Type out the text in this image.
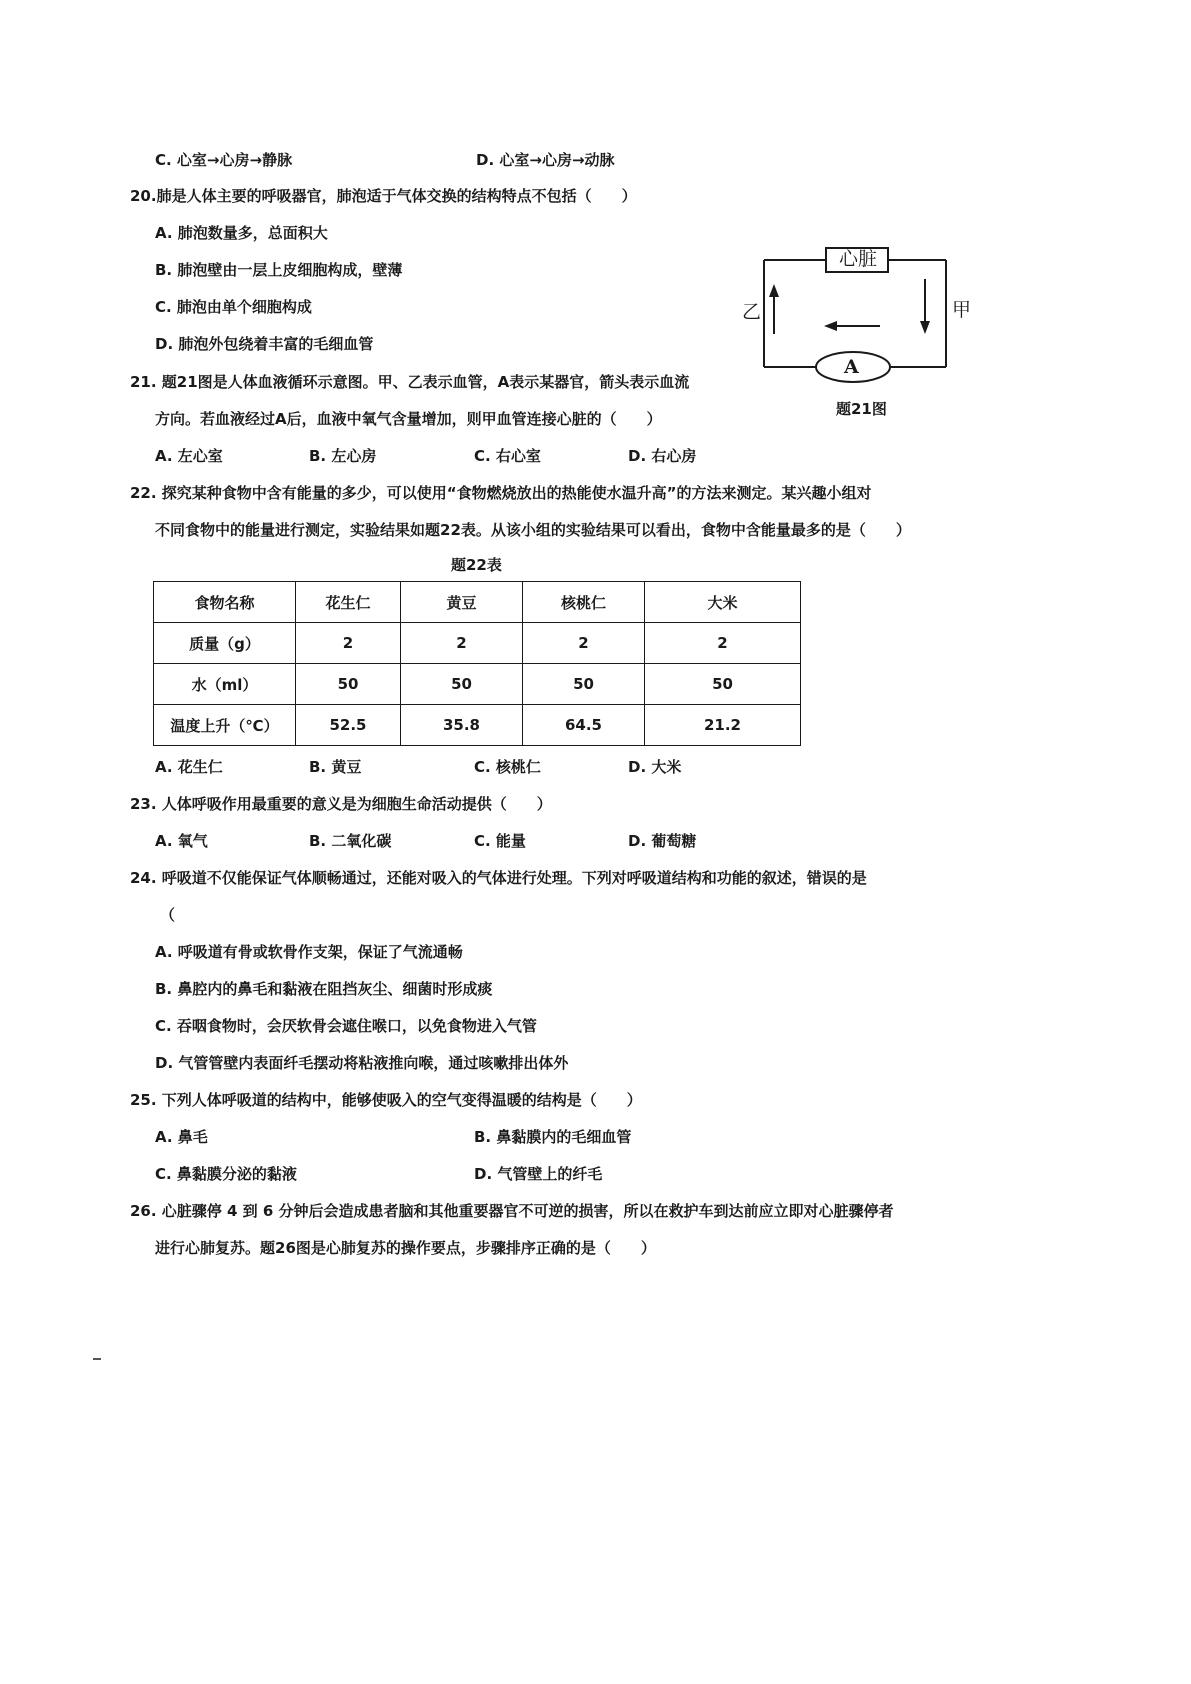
C. 心室→心房→静脉	D. 心室→心房→动脉
20.肺是人体主要的呼吸器官，肺泡适于气体交换的结构特点不包括（　　）
A. 肺泡数量多，总面积大
B. 肺泡壁由一层上皮细胞构成，壁薄
C. 肺泡由单个细胞构成
D. 肺泡外包绕着丰富的毛细血管
21. 题21图是人体血液循环示意图。甲、乙表示血管，A表示某器官，箭头表示血流
方向。若血液经过A后，血液中氧气含量增加，则甲血管连接心脏的（　　）
A. 左心室	B. 左心房	C. 右心室	D. 右心房
心脏
乙	甲
A
题21图
22. 探究某种食物中含有能量的多少，可以使用“食物燃烧放出的热能使水温升高”的方法来测定。某兴趣小组对
不同食物中的能量进行测定，实验结果如题22表。从该小组的实验结果可以看出，食物中含能量最多的是（　　）
题22表
食物名称	花生仁	黄豆	核桃仁	大米
质量（g）	2	2	2	2
水（ml）	50	50	50	50
温度上升（℃）	52.5	35.8	64.5	21.2
A. 花生仁	B. 黄豆	C. 核桃仁	D. 大米
23. 人体呼吸作用最重要的意义是为细胞生命活动提供（　　）
A. 氧气	B. 二氧化碳	C. 能量	D. 葡萄糖
24. 呼吸道不仅能保证气体顺畅通过，还能对吸入的气体进行处理。下列对呼吸道结构和功能的叙述，错误的是
（
A. 呼吸道有骨或软骨作支架，保证了气流通畅
B. 鼻腔内的鼻毛和黏液在阻挡灰尘、细菌时形成痰
C. 吞咽食物时，会厌软骨会遮住喉口，以免食物进入气管
D. 气管管壁内表面纤毛摆动将粘液推向喉，通过咳嗽排出体外
25. 下列人体呼吸道的结构中，能够使吸入的空气变得温暖的结构是（　　）
A. 鼻毛	B. 鼻黏膜内的毛细血管
C. 鼻黏膜分泌的黏液	D. 气管壁上的纤毛
26. 心脏骤停 4 到 6 分钟后会造成患者脑和其他重要器官不可逆的损害，所以在救护车到达前应立即对心脏骤停者
进行心肺复苏。题26图是心肺复苏的操作要点，步骤排序正确的是（　　）
